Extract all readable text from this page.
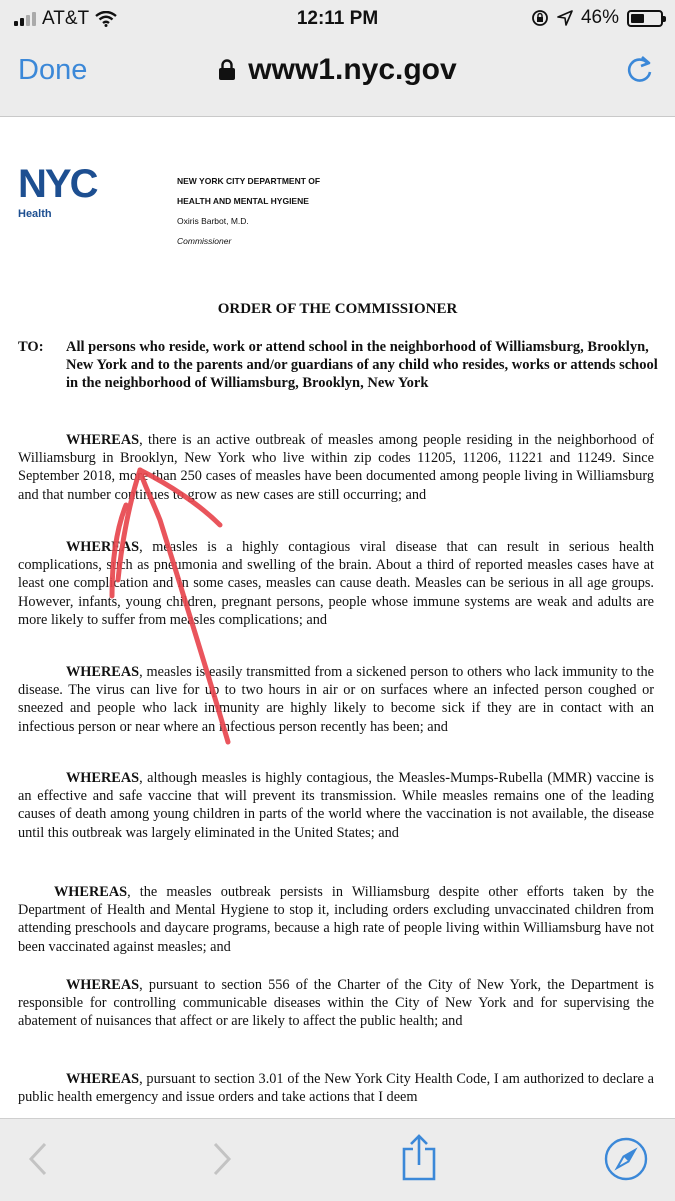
AT&T	12:11 PM	46%
Done	www1.nyc.gov
NYC
Health
NEW YORK CITY DEPARTMENT OF
HEALTH AND MENTAL HYGIENE
Oxiris Barbot, M.D.
Commissioner
ORDER OF THE COMMISSIONER
TO:	All persons who reside, work or attend school in the neighborhood of Williamsburg, Brooklyn, New York and to the parents and/or guardians of any child who resides, works or attends school in the neighborhood of Williamsburg, Brooklyn, New York
WHEREAS, there is an active outbreak of measles among people residing in the neighborhood of Williamsburg in Brooklyn, New York who live within zip codes 11205, 11206, 11221 and 11249. Since September 2018, more than 250 cases of measles have been documented among people living in Williamsburg and that number continues to grow as new cases are still occurring; and
WHEREAS, measles is a highly contagious viral disease that can result in serious health complications, such as pneumonia and swelling of the brain. About a third of reported measles cases have at least one complication and in some cases, measles can cause death. Measles can be serious in all age groups. However, infants, young children, pregnant persons, people whose immune systems are weak and adults are more likely to suffer from measles complications; and
WHEREAS, measles is easily transmitted from a sickened person to others who lack immunity to the disease. The virus can live for up to two hours in air or on surfaces where an infected person coughed or sneezed and people who lack immunity are highly likely to become sick if they are in contact with an infectious person or near where an infectious person recently has been; and
WHEREAS, although measles is highly contagious, the Measles-Mumps-Rubella (MMR) vaccine is an effective and safe vaccine that will prevent its transmission. While measles remains one of the leading causes of death among young children in parts of the world where the vaccination is not available, the disease until this outbreak was largely eliminated in the United States; and
WHEREAS, the measles outbreak persists in Williamsburg despite other efforts taken by the Department of Health and Mental Hygiene to stop it, including orders excluding unvaccinated children from attending preschools and daycare programs, because a high rate of people living within Williamsburg have not been vaccinated against measles; and
WHEREAS, pursuant to section 556 of the Charter of the City of New York, the Department is responsible for controlling communicable diseases within the City of New York and for supervising the abatement of nuisances that affect or are likely to affect the public health; and
WHEREAS, pursuant to section 3.01 of the New York City Health Code, I am authorized to declare a public health emergency and issue orders and take actions that I deem
